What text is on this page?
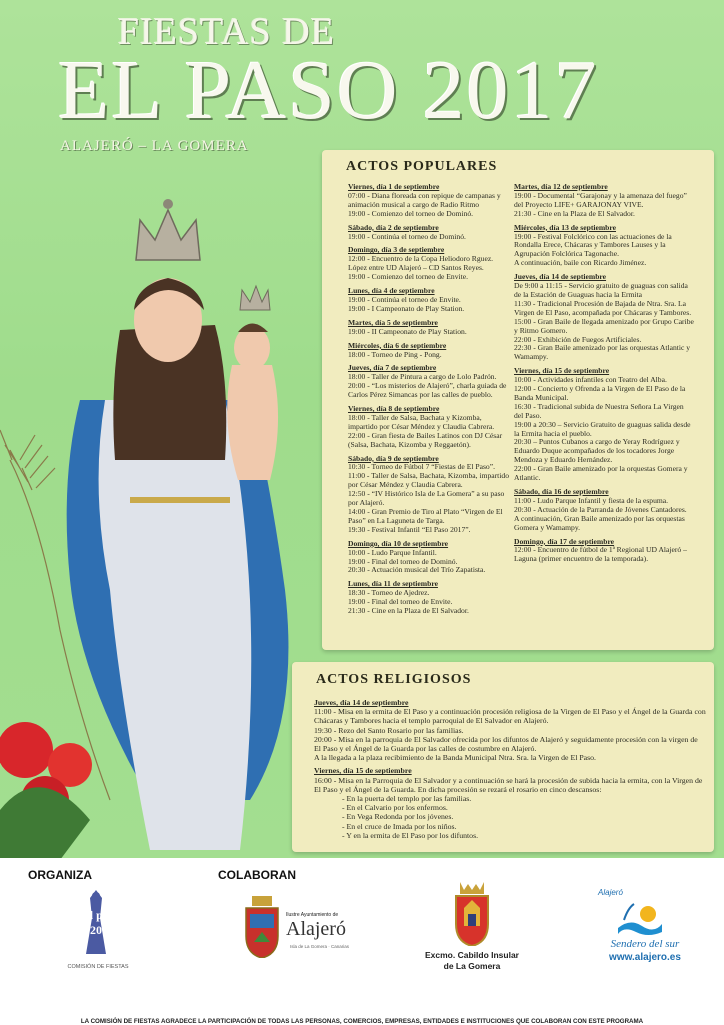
FIESTAS DE
EL PASO 2017
ALAJERÓ – LA GOMERA
ACTOS POPULARES
Viernes, día 1 de septiembre
07:00 - Diana floreada con repique de campanas y animación musical a cargo de Radio Ritmo
19:00 - Comienzo del torneo de Dominó.
Sábado, día 2 de septiembre
19:00 - Continúa el torneo de Dominó.
Domingo, día 3 de septiembre
12:00 - Encuentro de la Copa Heliodoro Rguez. López entre UD Alajeró – CD Santos Reyes.
19:00 - Comienzo del torneo de Envite.
Lunes, día 4 de septiembre
19:00 - Continúa el torneo de Envite.
19:00 - I Campeonato de Play Station.
Martes, día 5 de septiembre
19:00 - II Campeonato de Play Station.
Miércoles, día 6 de septiembre
18:00 - Torneo de Ping - Pong.
Jueves, día 7 de septiembre
18:00 - Taller de Pintura a cargo de Lolo Padrón.
20:00 - “Los misterios de Alajeró”, charla guiada de Carlos Pérez Simancas por las calles de pueblo.
Viernes, día 8 de septiembre
18:00 - Taller de Salsa, Bachata y Kizomba, impartido por César Méndez y Claudia Cabrera.
22:00 - Gran fiesta de Bailes Latinos con DJ César (Salsa, Bachata, Kizomba y Reggaetón).
Sábado, día 9 de septiembre
10:30 - Torneo de Fútbol 7 “Fiestas de El Paso”.
11:00 - Taller de Salsa, Bachata, Kizomba, impartido por César Méndez y Claudia Cabrera.
12:50 - “IV Histórico Isla de La Gomera” a su paso por Alajeró.
14:00 - Gran Premio de Tiro al Plato “Virgen de El Paso” en La Laguneta de Targa.
19:30 - Festival Infantil “El Paso 2017”.
Domingo, día 10 de septiembre
10:00 - Ludo Parque Infantil.
19:00 - Final del torneo de Dominó.
20:30 - Actuación musical del Trío Zapatista.
Lunes, día 11 de septiembre
18:30 - Torneo de Ajedrez.
19:00 - Final del torneo de Envite.
21:30 - Cine en la Plaza de El Salvador.
Martes, día 12 de septiembre
19:00 - Documental “Garajonay y la amenaza del fuego” del Proyecto LIFE+ GARAJONAY VIVE.
21:30 - Cine en la Plaza de El Salvador.
Miércoles, día 13 de septiembre
19:00 - Festival Folclórico con las actuaciones de la Rondalla Erece, Chácaras y Tambores Lauses y la Agrupación Folclórica Tagonache.
A continuación, baile con Ricardo Jiménez.
Jueves, día 14 de septiembre
De 9:00 a 11:15 - Servicio gratuito de guaguas con salida de la Estación de Guaguas hacia la Ermita
11:30 - Tradicional Procesión de Bajada de Ntra. Sra. La Virgen de El Paso, acompañada por Chácaras y Tambores.
15:00 - Gran Baile de llegada amenizado por Grupo Caribe y Ritmo Gomero.
22:00 - Exhibición de Fuegos Artificiales.
22:30 - Gran Baile amenizado por las orquestas Atlantic y Wamampy.
Viernes, día 15 de septiembre
10:00 - Actividades infantiles con Teatro del Alba.
12:00 - Concierto y Ofrenda a la Virgen de El Paso de la Banda Municipal.
16:30 - Tradicional subida de Nuestra Señora La Virgen del Paso.
19:00 a 20:30 – Servicio Gratuito de guaguas salida desde la Ermita hacia el pueblo.
20:30 – Puntos Cubanos a cargo de Yeray Rodríguez y Eduardo Duque acompañados de los tocadores Jorge Mendoza y Eduardo Hernández.
22:00 - Gran Baile amenizado por la orquestas Gomera y Atlantic.
Sábado, día 16 de septiembre
11:00 - Ludo Parque Infantil y fiesta de la espuma.
20:30 - Actuación de la Parranda de Jóvenes Cantadores.
A continuación, Gran Baile amenizado por las orquestas Gomera y Wamampy.
Domingo, día 17 de septiembre
12:00 - Encuentro de fútbol de 1ª Regional UD Alajeró – Laguna (primer encuentro de la temporada).
ACTOS RELIGIOSOS
Jueves, día 14 de septiembre
11:00 - Misa en la ermita de El Paso y a continuación procesión religiosa de la Virgen de El Paso y el Ángel de la Guarda con Chácaras y Tambores hacia el templo parroquial de El Salvador en Alajeró.
19:30 - Rezo del Santo Rosario por las familias.
20:00 - Misa en la parroquia de El Salvador ofrecida por los difuntos de Alajeró y seguidamente procesión con la virgen de El Paso y el Ángel de la Guarda por las calles de costumbre en Alajeró.
A la llegada a la plaza recibimiento de la Banda Municipal Ntra. Sra. la Virgen de El Paso.
Viernes, día 15 de septiembre
16:00 - Misa en la Parroquia de El Salvador y a continuación se hará la procesión de subida hacia la ermita, con la Virgen de El Paso y el Ángel de la Guarda. En dicha procesión se rezará el rosario en cinco descansos:
- En la puerta del templo por las familias.
- En el Calvario por los enfermos.
- En Vega Redonda por los jóvenes.
- En el cruce de Imada por los niños.
- Y en la ermita de El Paso por los difuntos.
ORGANIZA	COLABORAN
el paso 2017
COMISIÓN DE FIESTAS
Ilustre Ayuntamiento de
Alajeró
Isla de La Gomera · Canarias
Excmo. Cabildo Insular
de La Gomera
Alajeró
Sendero del sur
www.alajero.es
LA COMISIÓN DE FIESTAS AGRADECE LA PARTICIPACIÓN DE TODAS LAS PERSONAS, COMERCIOS, EMPRESAS, ENTIDADES E INSTITUCIONES QUE COLABORAN CON ESTE PROGRAMA
